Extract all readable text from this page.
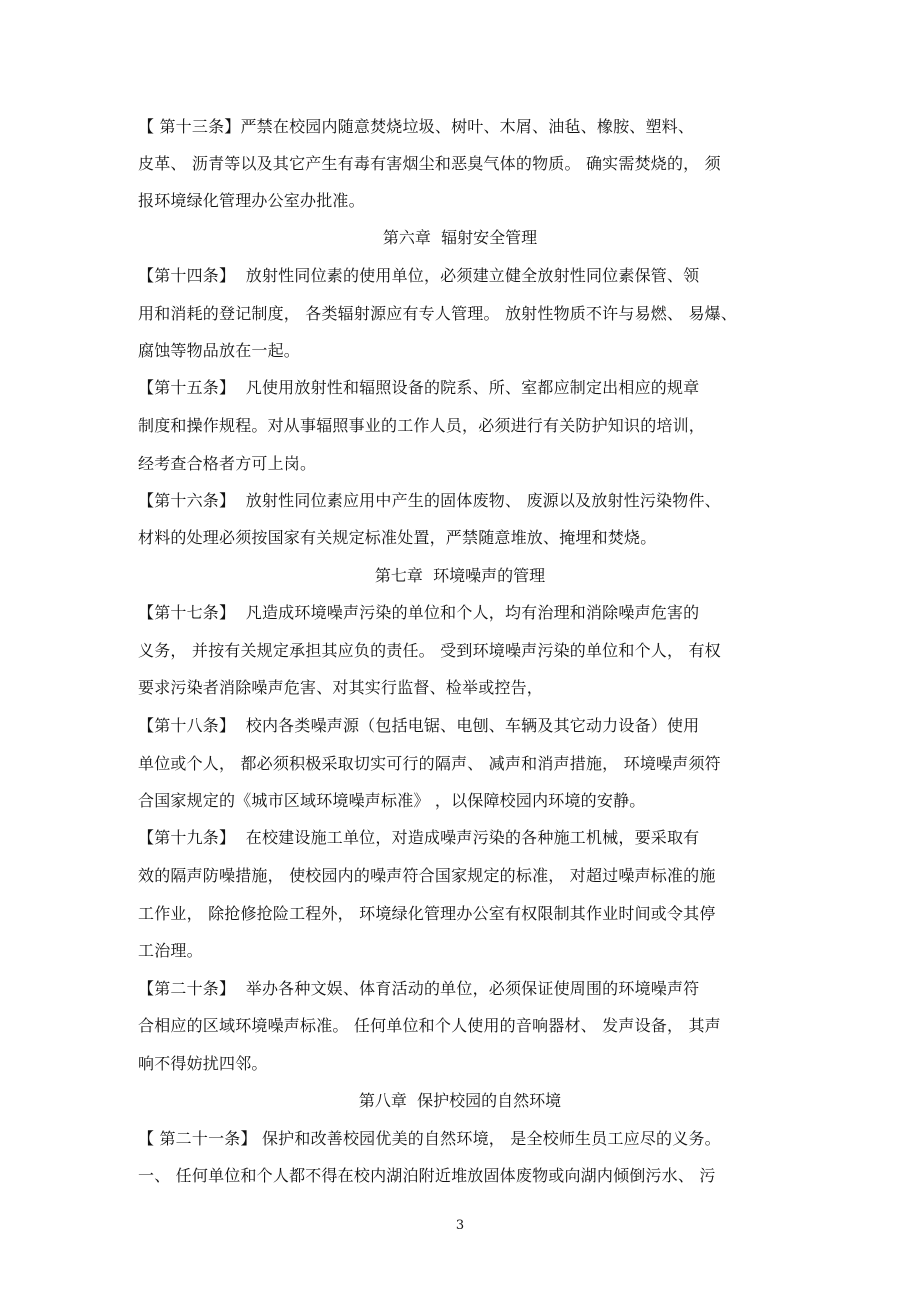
【 第十三条】严禁在校园内随意焚烧垃圾、树叶、木屑、油毡、橡胺、塑料、
皮革、 沥青等以及其它产生有毒有害烟尘和恶臭气体的物质。 确实需焚烧的， 须
报环境绿化管理办公室办批准。
第六章  辐射安全管理
【第十四条】  放射性同位素的使用单位，必须建立健全放射性同位素保管、领
用和消耗的登记制度， 各类辐射源应有专人管理。 放射性物质不许与易燃、 易爆、
腐蚀等物品放在一起。
【第十五条】  凡使用放射性和辐照设备的院系、所、室都应制定出相应的规章
制度和操作规程。对从事辐照事业的工作人员，必须进行有关防护知识的培训，
经考查合格者方可上岗。
【第十六条】  放射性同位素应用中产生的固体废物、 废源以及放射性污染物件、
材料的处理必须按国家有关规定标准处置，严禁随意堆放、掩埋和焚烧。
第七章  环境噪声的管理
【第十七条】  凡造成环境噪声污染的单位和个人，均有治理和消除噪声危害的
义务， 并按有关规定承担其应负的责任。 受到环境噪声污染的单位和个人， 有权
要求污染者消除噪声危害、对其实行监督、检举或控告，
【第十八条】  校内各类噪声源（包括电锯、电刨、车辆及其它动力设备）使用
单位或个人， 都必须积极采取切实可行的隔声、 减声和消声措施， 环境噪声须符
合国家规定的《城市区域环境噪声标准》 ，以保障校园内环境的安静。
【第十九条】  在校建设施工单位，对造成噪声污染的各种施工机械，要采取有
效的隔声防噪措施， 使校园内的噪声符合国家规定的标准， 对超过噪声标准的施
工作业， 除抢修抢险工程外， 环境绿化管理办公室有权限制其作业时间或令其停
工治理。
【第二十条】  举办各种文娱、体育活动的单位，必须保证使周围的环境噪声符
合相应的区域环境噪声标准。 任何单位和个人使用的音响器材、 发声设备， 其声
响不得妨扰四邻。
第八章  保护校园的自然环境
【 第二十一条】 保护和改善校园优美的自然环境， 是全校师生员工应尽的义务。
一、 任何单位和个人都不得在校内湖泊附近堆放固体废物或向湖内倾倒污水、 污
3
